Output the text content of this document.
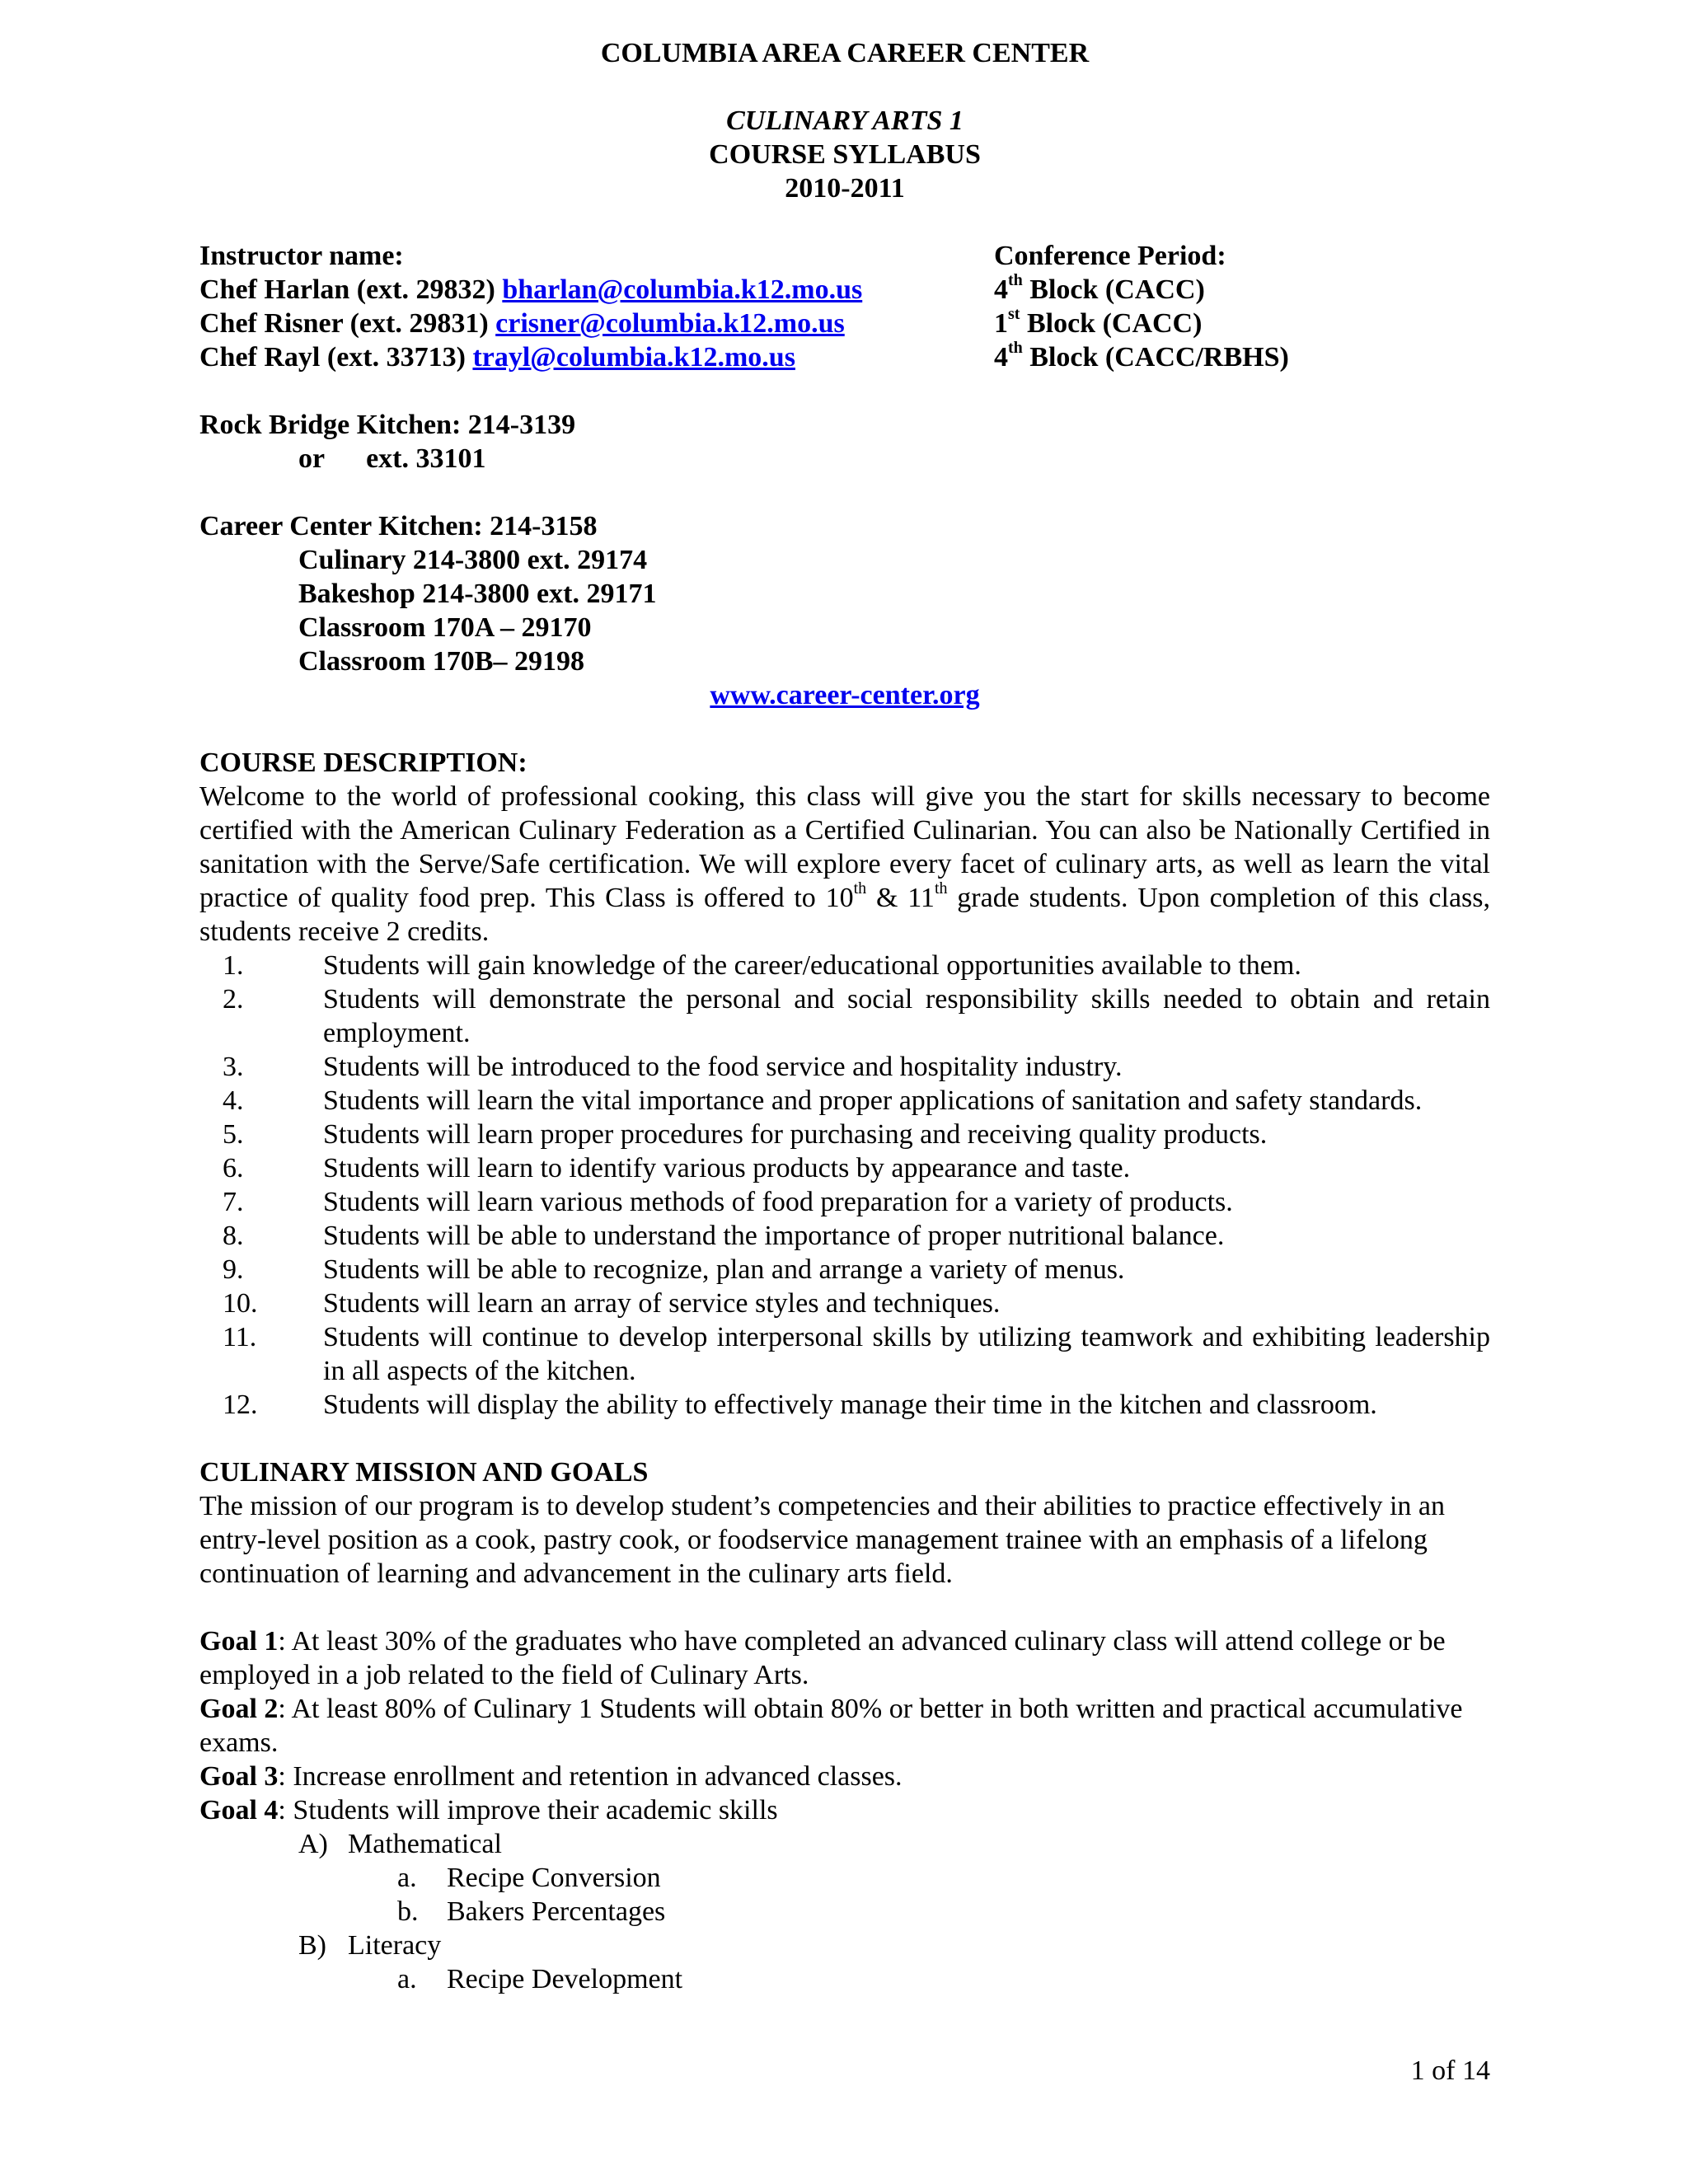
COLUMBIA AREA CAREER CENTER
CULINARY ARTS 1
COURSE SYLLABUS
2010-2011
Instructor name:	Conference Period:
Chef Harlan (ext. 29832) bharlan@columbia.k12.mo.us	4th Block (CACC)
Chef Risner (ext. 29831) crisner@columbia.k12.mo.us	1st Block (CACC)
Chef Rayl (ext. 33713) trayl@columbia.k12.mo.us	4th Block (CACC/RBHS)
Rock Bridge Kitchen: 214-3139
or ext. 33101
Career Center Kitchen: 214-3158
Culinary 214-3800 ext. 29174
Bakeshop 214-3800 ext. 29171
Classroom 170A – 29170
Classroom 170B– 29198
www.career-center.org
COURSE DESCRIPTION:
Welcome to the world of professional cooking, this class will give you the start for skills necessary to become certified with the American Culinary Federation as a Certified Culinarian. You can also be Nationally Certified in sanitation with the Serve/Safe certification. We will explore every facet of culinary arts, as well as learn the vital practice of quality food prep. This Class is offered to 10th & 11th grade students. Upon completion of this class, students receive 2 credits.
1.	Students will gain knowledge of the career/educational opportunities available to them.
2.	Students will demonstrate the personal and social responsibility skills needed to obtain and retain employment.
3.	Students will be introduced to the food service and hospitality industry.
4.	Students will learn the vital importance and proper applications of sanitation and safety standards.
5.	Students will learn proper procedures for purchasing and receiving quality products.
6.	Students will learn to identify various products by appearance and taste.
7.	Students will learn various methods of food preparation for a variety of products.
8.	Students will be able to understand the importance of proper nutritional balance.
9.	Students will be able to recognize, plan and arrange a variety of menus.
10.	Students will learn an array of service styles and techniques.
11.	Students will continue to develop interpersonal skills by utilizing teamwork and exhibiting leadership in all aspects of the kitchen.
12.	Students will display the ability to effectively manage their time in the kitchen and classroom.
CULINARY MISSION AND GOALS
The mission of our program is to develop student’s competencies and their abilities to practice effectively in an entry-level position as a cook, pastry cook, or foodservice management trainee with an emphasis of a lifelong continuation of learning and advancement in the culinary arts field.
Goal 1: At least 30% of the graduates who have completed an advanced culinary class will attend college or be employed in a job related to the field of Culinary Arts.
Goal 2: At least 80% of Culinary 1 Students will obtain 80% or better in both written and practical accumulative exams.
Goal 3: Increase enrollment and retention in advanced classes.
Goal 4: Students will improve their academic skills
A) Mathematical
a.	Recipe Conversion
b.	Bakers Percentages
B) Literacy
a.	Recipe Development
1 of 14
